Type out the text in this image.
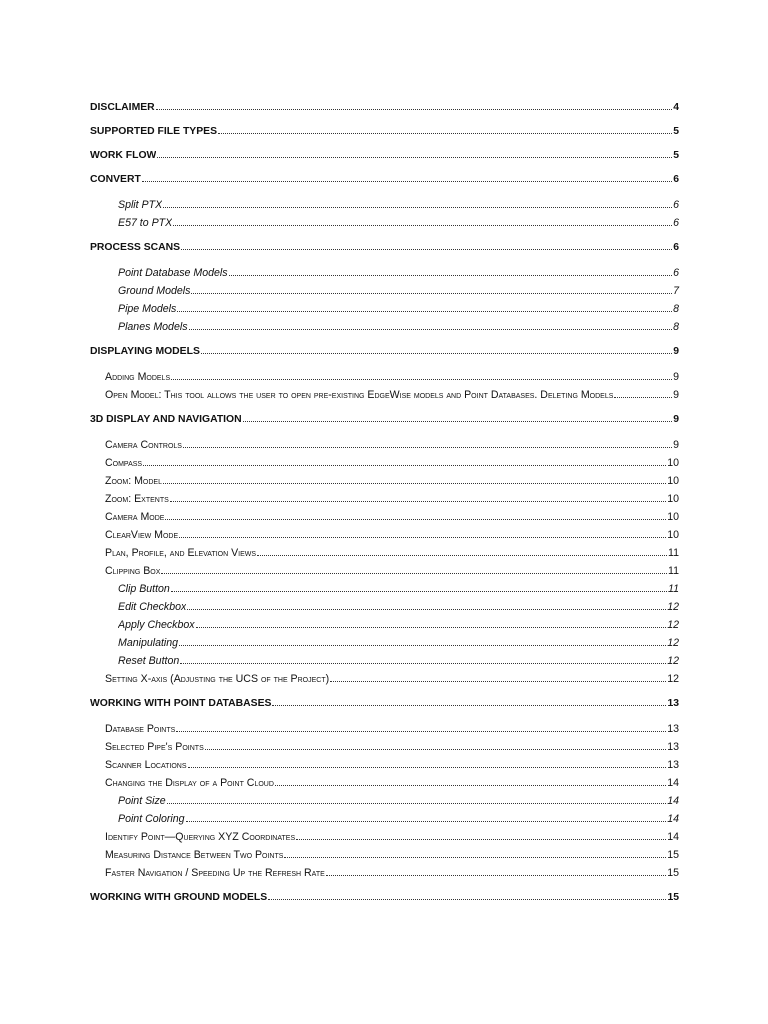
DISCLAIMER	4
SUPPORTED FILE TYPES	5
WORK FLOW	5
CONVERT	6
Split PTX	6
E57 to PTX	6
PROCESS SCANS	6
Point Database Models	6
Ground Models	7
Pipe Models	8
Planes Models	8
DISPLAYING MODELS	9
Adding Models	9
Open Model: This tool allows the user to open pre-existing EdgeWise models and Point Databases. Deleting Models	9
3D DISPLAY AND NAVIGATION	9
Camera Controls	9
Compass	10
Zoom: Model	10
Zoom: Extents	10
Camera Mode	10
ClearView Mode	10
Plan, Profile, and Elevation Views	11
Clipping Box	11
Clip Button	11
Edit Checkbox	12
Apply Checkbox	12
Manipulating	12
Reset Button	12
Setting X-axis (Adjusting the UCS of the Project)	12
WORKING WITH POINT DATABASES	13
Database Points	13
Selected Pipe's Points	13
Scanner Locations	13
Changing the Display of a Point Cloud	14
Point Size	14
Point Coloring	14
Identify Point—Querying XYZ Coordinates	14
Measuring Distance Between Two Points	15
Faster Navigation / Speeding Up the Refresh Rate	15
WORKING WITH GROUND MODELS	15
